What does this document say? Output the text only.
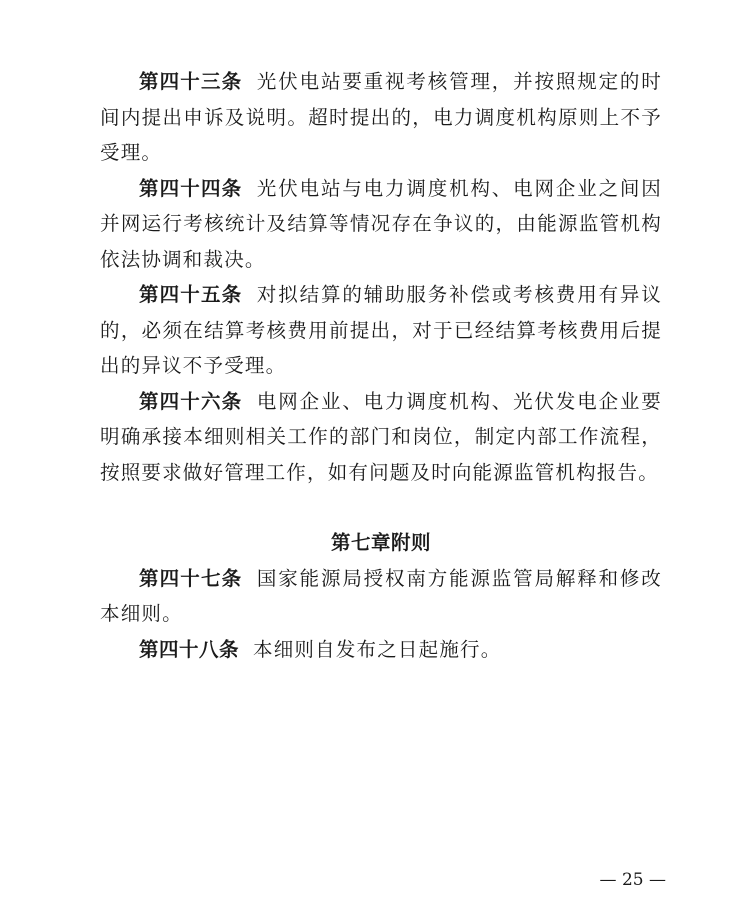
第四十三条 光伏电站要重视考核管理，并按照规定的时间内提出申诉及说明。超时提出的，电力调度机构原则上不予受理。

第四十四条 光伏电站与电力调度机构、电网企业之间因并网运行考核统计及结算等情况存在争议的，由能源监管机构依法协调和裁决。

第四十五条 对拟结算的辅助服务补偿或考核费用有异议的，必须在结算考核费用前提出，对于已经结算考核费用后提出的异议不予受理。

第四十六条 电网企业、电力调度机构、光伏发电企业要明确承接本细则相关工作的部门和岗位，制定内部工作流程，按照要求做好管理工作，如有问题及时向能源监管机构报告。

第七章附则

第四十七条 国家能源局授权南方能源监管局解释和修改本细则。

第四十八条 本细则自发布之日起施行。

— 25 —
